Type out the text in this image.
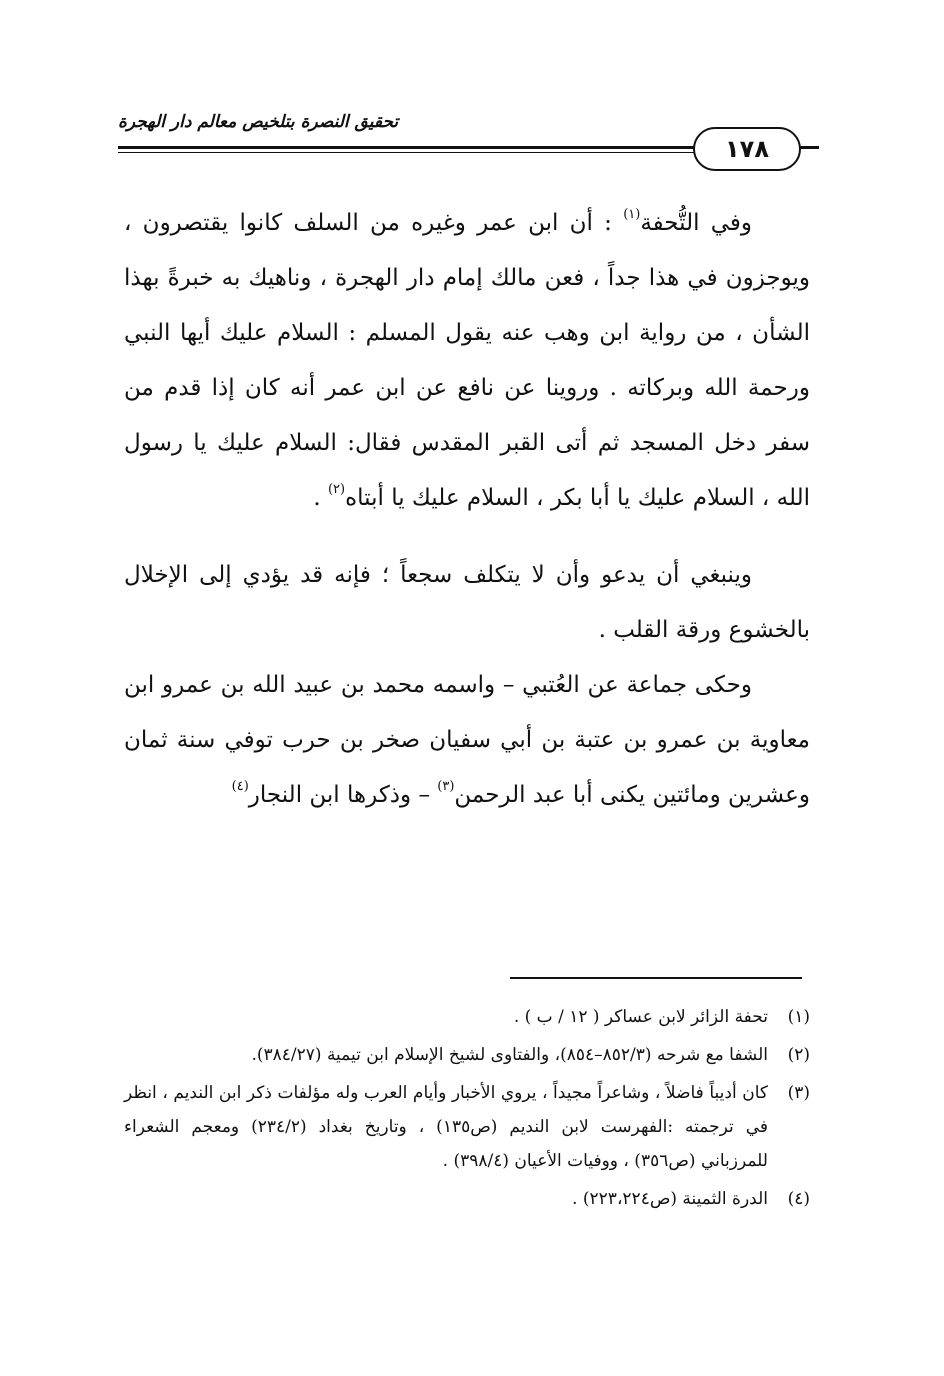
تحقيق النصرة بتلخيص معالم دار الهجرة
١٧٨

وفي التُّحفة$^{(١)}$ : أن ابن عمر وغيره من السلف كانوا يقتصرون ، ويوجزون في هذا جداً ، فعن مالك إمام دار الهجرة ، وناهيك به خبرةً بهذا الشأن ، من رواية ابن وهب عنه يقول المسلم : السلام عليك أيها النبي ورحمة الله وبركاته . وروينا عن نافع عن ابن عمر أنه كان إذا قدم من سفر دخل المسجد ثم أتى القبر المقدس فقال: السلام عليك يا رسول الله ، السلام عليك يا أبا بكر ، السلام عليك يا أبتاه$^{(٢)}$ .

وينبغي أن يدعو وأن لا يتكلف سجعاً ؛ فإنه قد يؤدي إلى الإخلال بالخشوع ورقة القلب .

وحكى جماعة عن العُتبي – واسمه محمد بن عبيد الله بن عمرو ابن معاوية بن عمرو بن عتبة بن أبي سفيان صخر بن حرب توفي سنة ثمان وعشرين ومائتين يكنى أبا عبد الرحمن$^{(٣)}$ – وذكرها ابن النجار$^{(٤)}$

(١)
تحفة الزائر لابن عساكر ( ١٢ / ب ) .
(٢)
الشفا مع شرحه (٨٥٢/٣–٨٥٤)، والفتاوى لشيخ الإسلام ابن تيمية (٣٨٤/٢٧).
(٣)
كان أديباً فاضلاً ، وشاعراً مجيداً ، يروي الأخبار وأيام العرب وله مؤلفات ذكر ابن النديم ، انظر في ترجمته :الفهرست لابن النديم (ص١٣٥) ، وتاريخ بغداد (٢٣٤/٢) ومعجم الشعراء للمرزباني (ص٣٥٦) ، ووفيات الأعيان (٣٩٨/٤) .
(٤)
الدرة الثمينة (ص٢٢٣،٢٢٤) .
